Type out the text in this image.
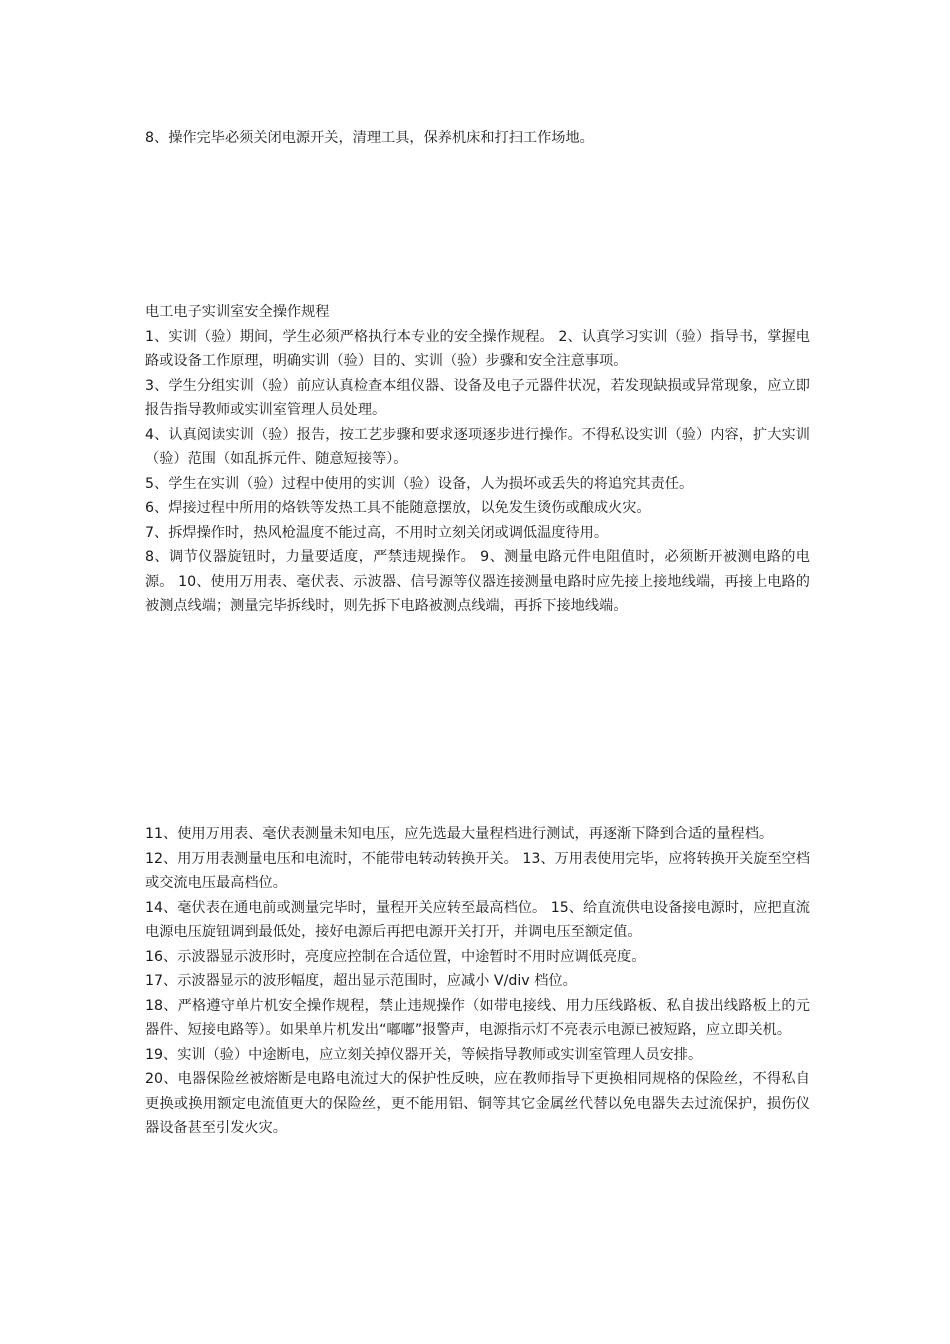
8、操作完毕必须关闭电源开关，清理工具，保养机床和打扫工作场地。

电工电子实训室安全操作规程

1、实训（验）期间，学生必须严格执行本专业的安全操作规程。 2、认真学习实训（验）指导书，掌握电路或设备工作原理，明确实训（验）目的、实训（验）步骤和安全注意事项。

3、学生分组实训（验）前应认真检查本组仪器、设备及电子元器件状况，若发现缺损或异常现象，应立即报告指导教师或实训室管理人员处理。

4、认真阅读实训（验）报告，按工艺步骤和要求逐项逐步进行操作。不得私设实训（验）内容，扩大实训（验）范围（如乱拆元件、随意短接等）。

5、学生在实训（验）过程中使用的实训（验）设备，人为损坏或丢失的将追究其责任。

6、焊接过程中所用的烙铁等发热工具不能随意摆放，以免发生烫伤或酿成火灾。

7、拆焊操作时，热风枪温度不能过高，不用时立刻关闭或调低温度待用。

8、调节仪器旋钮时，力量要适度，严禁违规操作。 9、测量电路元件电阻值时，必须断开被测电路的电源。 10、使用万用表、毫伏表、示波器、信号源等仪器连接测量电路时应先接上接地线端，再接上电路的被测点线端；测量完毕拆线时，则先拆下电路被测点线端，再拆下接地线端。

11、使用万用表、毫伏表测量未知电压，应先选最大量程档进行测试，再逐渐下降到合适的量程档。

12、用万用表测量电压和电流时，不能带电转动转换开关。 13、万用表使用完毕，应将转换开关旋至空档或交流电压最高档位。

14、毫伏表在通电前或测量完毕时，量程开关应转至最高档位。 15、给直流供电设备接电源时，应把直流电源电压旋钮调到最低处，接好电源后再把电源开关打开，并调电压至额定值。

16、示波器显示波形时，亮度应控制在合适位置，中途暂时不用时应调低亮度。

17、示波器显示的波形幅度，超出显示范围时，应减小 V/div 档位。

18、严格遵守单片机安全操作规程，禁止违规操作（如带电接线、用力压线路板、私自拔出线路板上的元器件、短接电路等）。如果单片机发出“嘟嘟”报警声，电源指示灯不亮表示电源已被短路，应立即关机。

19、实训（验）中途断电，应立刻关掉仪器开关，等候指导教师或实训室管理人员安排。

20、电器保险丝被熔断是电路电流过大的保护性反映，应在教师指导下更换相同规格的保险丝，不得私自更换或换用额定电流值更大的保险丝，更不能用铝、铜等其它金属丝代替以免电器失去过流保护，损伤仪器设备甚至引发火灾。
